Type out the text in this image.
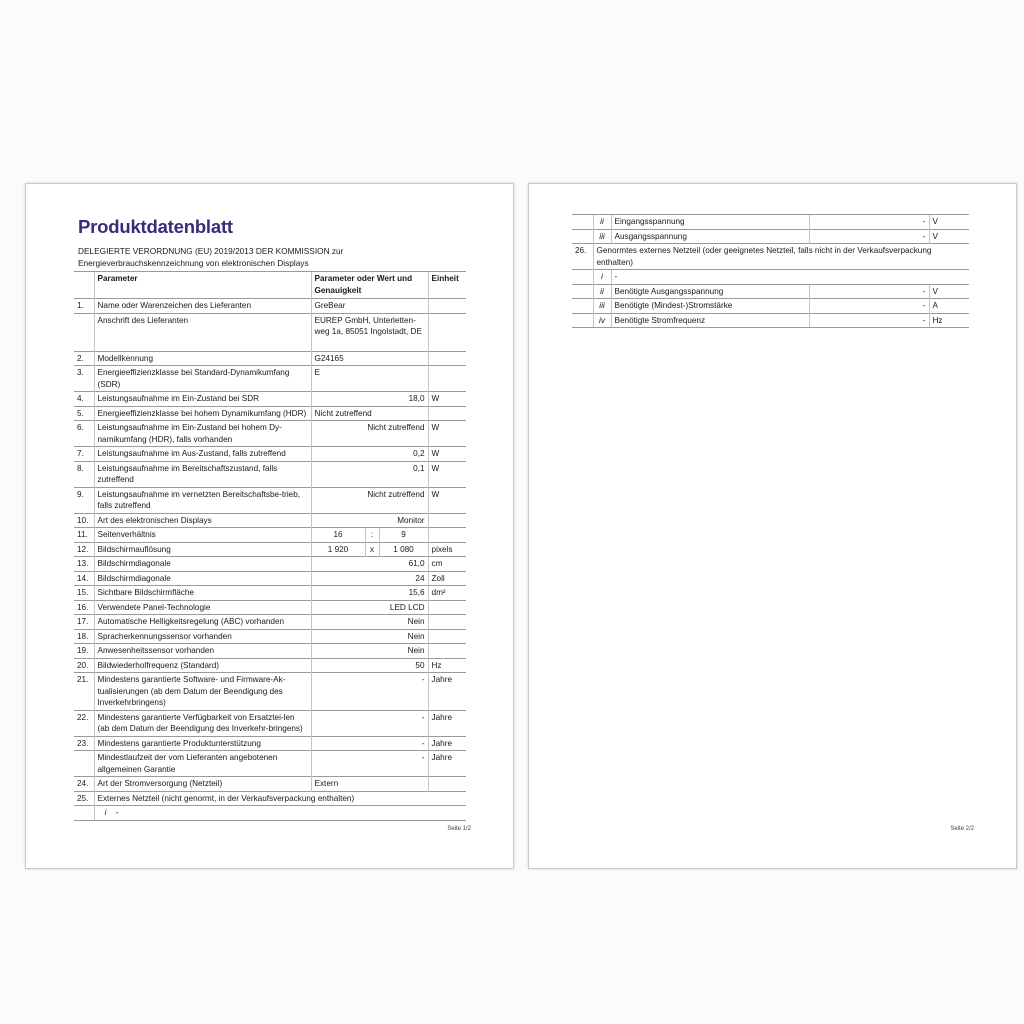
Produktdatenblatt
DELEGIERTE VERORDNUNG (EU) 2019/2013 DER KOMMISSION zur
Energieverbrauchskennzeichnung von elektronischen Displays
	Parameter	Parameter oder Wert und Genauigkeit			Einheit
1.	Name oder Warenzeichen des Lieferanten	GreBear			
	Anschrift des Lieferanten	EUREP GmbH, Unterletten-weg 1a, 85051 Ingolstadt, DE			
2.	Modellkennung	G24165			
3.	Energieeffizienzklasse bei Standard-Dynamikumfang (SDR)	E			
4.	Leistungsaufnahme im Ein-Zustand bei SDR	18,0			W
5.	Energieeffizienzklasse bei hohem Dynamikumfang (HDR)	Nicht zutreffend			
6.	Leistungsaufnahme im Ein-Zustand bei hohem Dy-namikumfang (HDR), falls vorhanden	Nicht zutreffend			W
7.	Leistungsaufnahme im Aus-Zustand, falls zutreffend	0,2			W
8.	Leistungsaufnahme im Bereitschaftszustand, falls zutreffend	0,1			W
9.	Leistungsaufnahme im vernetzten Bereitschaftsbe-trieb, falls zutreffend	Nicht zutreffend			W
10.	Art des elektronischen Displays	Monitor			
11.	Seitenverhältnis	16	:	9	
12.	Bildschirmauflösung	1 920	x	1 080	pixels
13.	Bildschirmdiagonale	61,0			cm
14.	Bildschirmdiagonale	24			Zoll
15.	Sichtbare Bildschirmfläche	15,6			dm²
16.	Verwendete Panel-Technologie	LED LCD			
17.	Automatische Helligkeitsregelung (ABC) vorhanden	Nein			
18.	Spracherkennungssensor vorhanden	Nein			
19.	Anwesenheitssensor vorhanden	Nein			
20.	Bildwiederholfrequenz (Standard)	50			Hz
21.	Mindestens garantierte Software- und Firmware-Ak-tualisierungen (ab dem Datum der Beendigung des Inverkehrbringens)	-			Jahre
22.	Mindestens garantierte Verfügbarkeit von Ersatztei-len (ab dem Datum der Beendigung des Inverkehr-bringens)	-			Jahre
23.	Mindestens garantierte Produktunterstützung	-			Jahre
	Mindestlaufzeit der vom Lieferanten angebotenen allgemeinen Garantie	-			Jahre
24.	Art der Stromversorgung (Netzteil)	Extern			
25.	Externes Netzteil (nicht genormt, in der Verkaufsverpackung enthalten)				
	i -				
Seite 1/2
	ii	Eingangsspannung	-	V
	iii	Ausgangsspannung	-	V
26.	Genormtes externes Netzteil (oder geeignetes Netzteil, falls nicht in der Verkaufsverpackung enthalten)			
	i	-		
	ii	Benötigte Ausgangsspannung	-	V
	iii	Benötigte (Mindest-)Stromstärke	-	A
	iv	Benötigte Stromfrequenz	-	Hz
Seite 2/2
